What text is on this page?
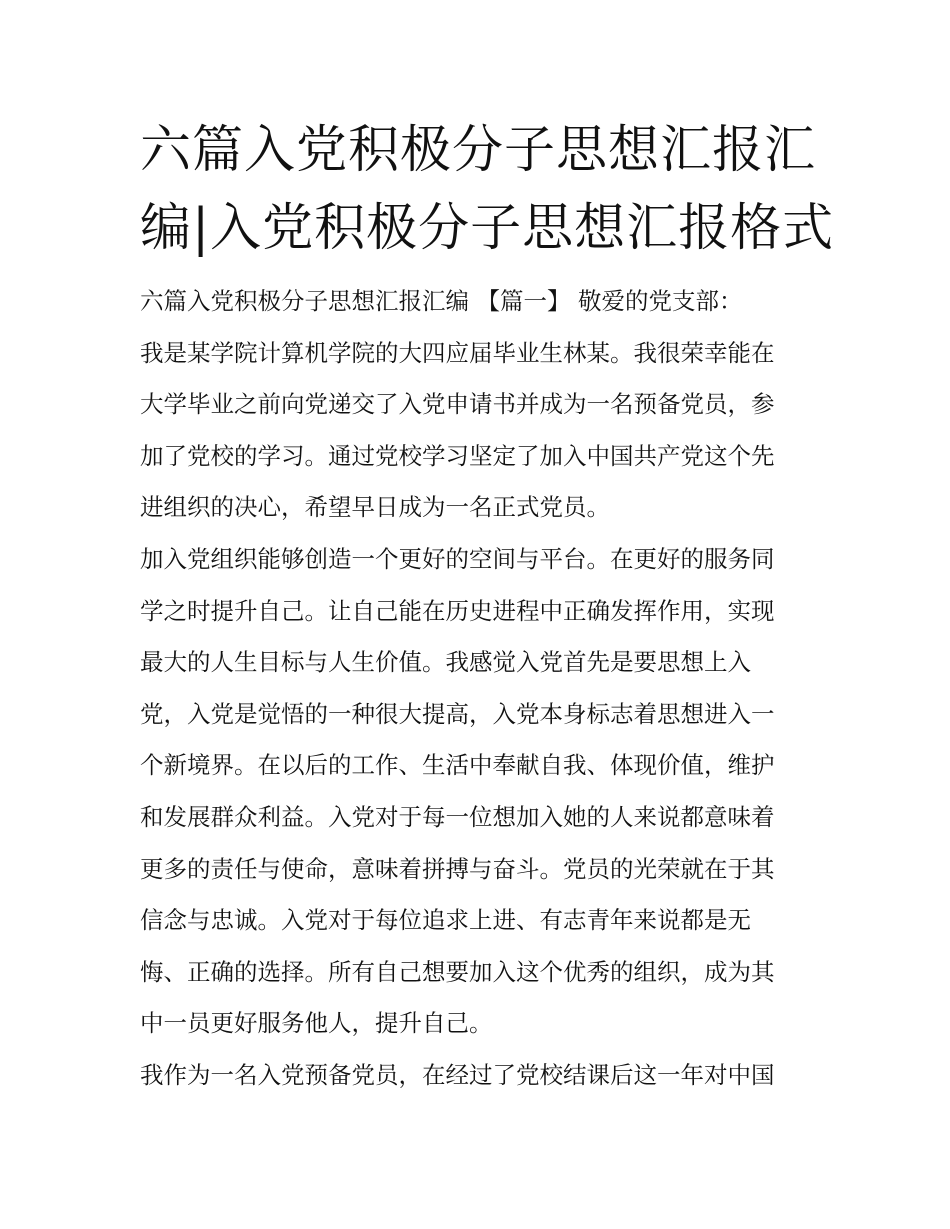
六篇入党积极分子思想汇报汇
编|入党积极分子思想汇报格式
六篇入党积极分子思想汇报汇编 【篇一】 敬爱的党支部：
我是某学院计算机学院的大四应届毕业生林某。我很荣幸能在
大学毕业之前向党递交了入党申请书并成为一名预备党员，参
加了党校的学习。通过党校学习坚定了加入中国共产党这个先
进组织的决心，希望早日成为一名正式党员。
加入党组织能够创造一个更好的空间与平台。在更好的服务同
学之时提升自己。让自己能在历史进程中正确发挥作用，实现
最大的人生目标与人生价值。我感觉入党首先是要思想上入
党，入党是觉悟的一种很大提高，入党本身标志着思想进入一
个新境界。在以后的工作、生活中奉献自我、体现价值，维护
和发展群众利益。入党对于每一位想加入她的人来说都意味着
更多的责任与使命，意味着拼搏与奋斗。党员的光荣就在于其
信念与忠诚。入党对于每位追求上进、有志青年来说都是无
悔、正确的选择。所有自己想要加入这个优秀的组织，成为其
中一员更好服务他人，提升自己。
我作为一名入党预备党员，在经过了党校结课后这一年对中国
